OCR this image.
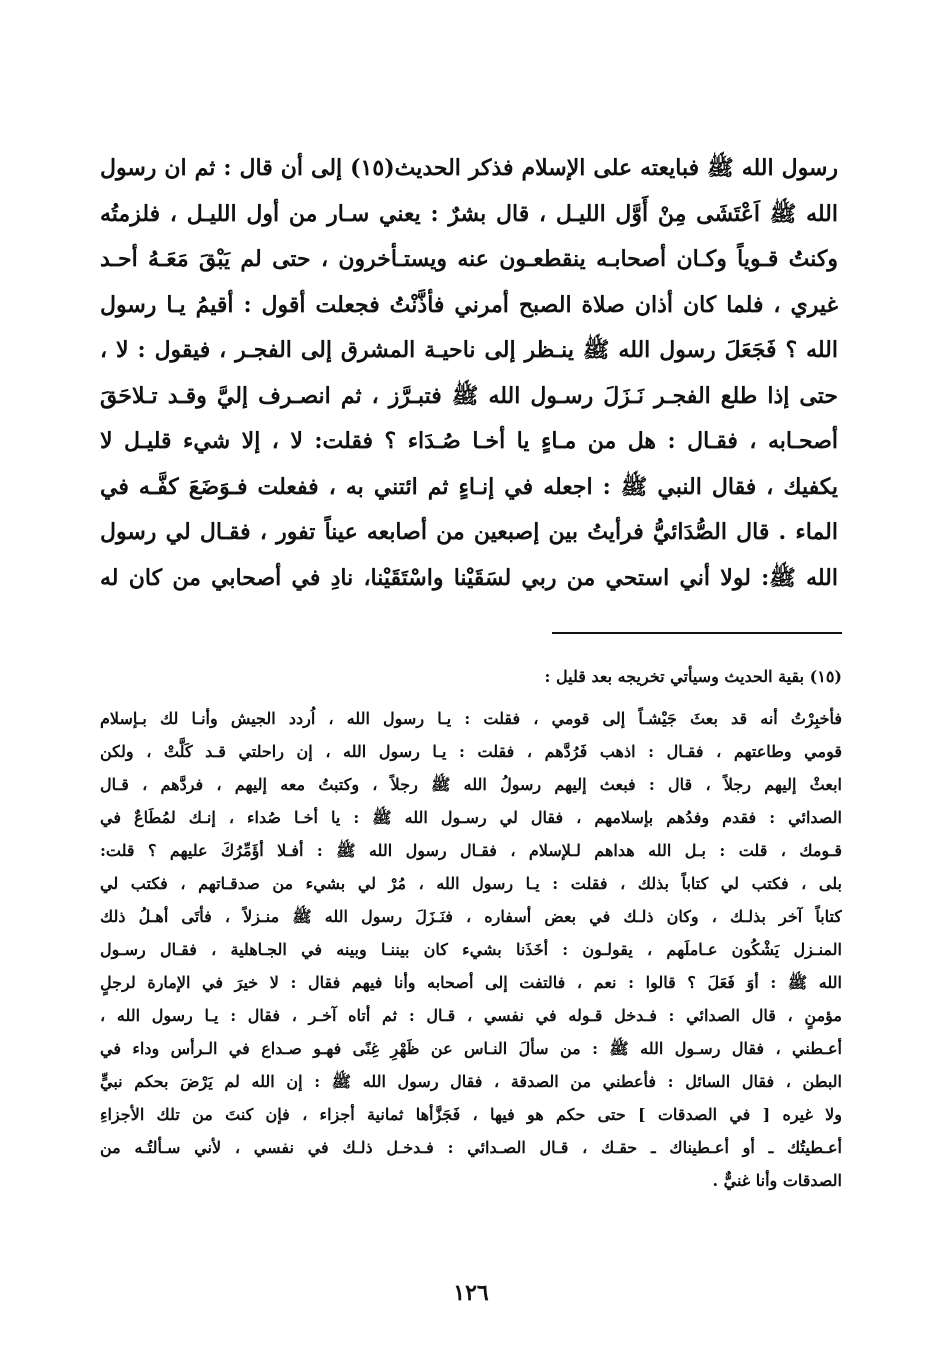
رسول الله ﷺ فبايعته على الإسلام فذكر الحديث(١٥) إلى أن قال : ثم ان رسول
الله ﷺ اَعْتَشَى مِنْ أَوَّل الليـل ، قال بشرٌ : يعني سـار من أول الليـل ، فلزمتُه
وكنتُ قـوياً وكـان أصحابـه ينقطعـون عنه ويستـأخرون ، حتى لم يَبْقَ مَعَـهُ أحـد
غيري ، فلما كان أذان صلاة الصبح أمرني فأذَّنْتُ فجعلت أقول : أقيمُ يـا رسول
الله ؟ فَجَعَلَ رسول الله ﷺ ينـظر إلى ناحيـة المشرق إلى الفجـر ، فيقول : لا ،
حتى إذا طلع الفجـر نَـزَلَ رسـول الله ﷺ فتبـرَّز ، ثم انصـرف إليَّ وقـد تـلاحَقَ
أصحـابه ، فقـال : هل من مـاءٍ يا أخـا صُـدَاء ؟ فقلت: لا ، إلا شيء قليـل لا
يكفيك ، فقال النبي ﷺ : اجعله في إنـاءٍ ثم ائتني به ، ففعلت فـوَضَعَ كفَّـه في
الماء . قال الصُّدَائيُّ فرأيتُ بين إصبعين من أصابعه عيناً تفور ، فقـال لي رسول
الله ﷺ: لولا أني استحي من ربي لسَقَيْنا واسْتَقَيْنا، نادِ في أصحابي من كان له
(١٥) بقية الحديث وسيأتي تخريجه بعد قليل :
فأخبِرْتُ أنه قد بعثَ جَيْشـاً إلى قومي ، فقلت : يـا رسول الله ، اُردد الجيش وأنـا لك بـإسلام
قومي وطاعتهم ، فقـال : اذهب فَرُدَّهم ، فقلت : يـا رسول الله ، إن راحلتي قـد كَلَّتْ ، ولكن
ابعثْ إليهم رجلاً ، قال : فبعث إليهم رسولُ الله ﷺ رجلاً ، وكتبتُ معه إليهم ، فردَّهم ، قـال
الصدائي : فقدم وفدُهم بإسلامهم ، فقال لي رسـول الله ﷺ : يا أخـا صُداء ، إنـك لمُطَاعٌ في
قـومك ، قلت : بـل الله هداهم لـلإسلام ، فقـال رسول الله ﷺ : أفـلا أؤَمِّرُكَ عليهم ؟ قلت:
بلى ، فكتب لي كتاباً بذلك ، فقلت : يـا رسول الله ، مُرْ لي بشيء من صدقـاتهم ، فكتب لي
كتاباً آخر بذلـك ، وكان ذلـك في بعض أسفاره ، فنَـزَلَ رسول الله ﷺ منـزلاً ، فأتَى أهـلُ ذلك
المنـزل يَشْكُون عـاملَهم ، يقولـون : أخَذَنا بشيء كان بيننـا وبينه في الجـاهلية ، فقـال رسـول
الله ﷺ : أوَ فَعَلَ ؟ قالوا : نعم ، فالتفت إلى أصحابه وأنا فيهم فقال : لا خيرَ في الإمارة لرجلٍ
مؤمنٍ ، قال الصدائي : فـدخل قـوله في نفسي ، قـال : ثم أتاه آخـر ، فقال : يـا رسول الله ،
أعـطني ، فقال رسـول الله ﷺ : من سألَ النـاس عن ظَهْرِ غِنًى فهـو صـداع في الـرأس وداء في
البطن ، فقال السائل : فأعطني من الصدقة ، فقال رسول الله ﷺ : إن الله لم يَرْضَ بحكم نبيٍّ
ولا غيره [ في الصدقات ] حتى حكم هو فيها ، فَجَزَّأها ثمانية أجزاء ، فإن كنتَ من تلك الأجزاءِ
أعـطيتُك ـ أو أعـطيناك ـ حقـك ، قـال الصـدائي : فـدخـل ذلـك في نفسي ، لأني سـألتُـه من
الصدقات وأنا غنيٌّ .
١٢٦
